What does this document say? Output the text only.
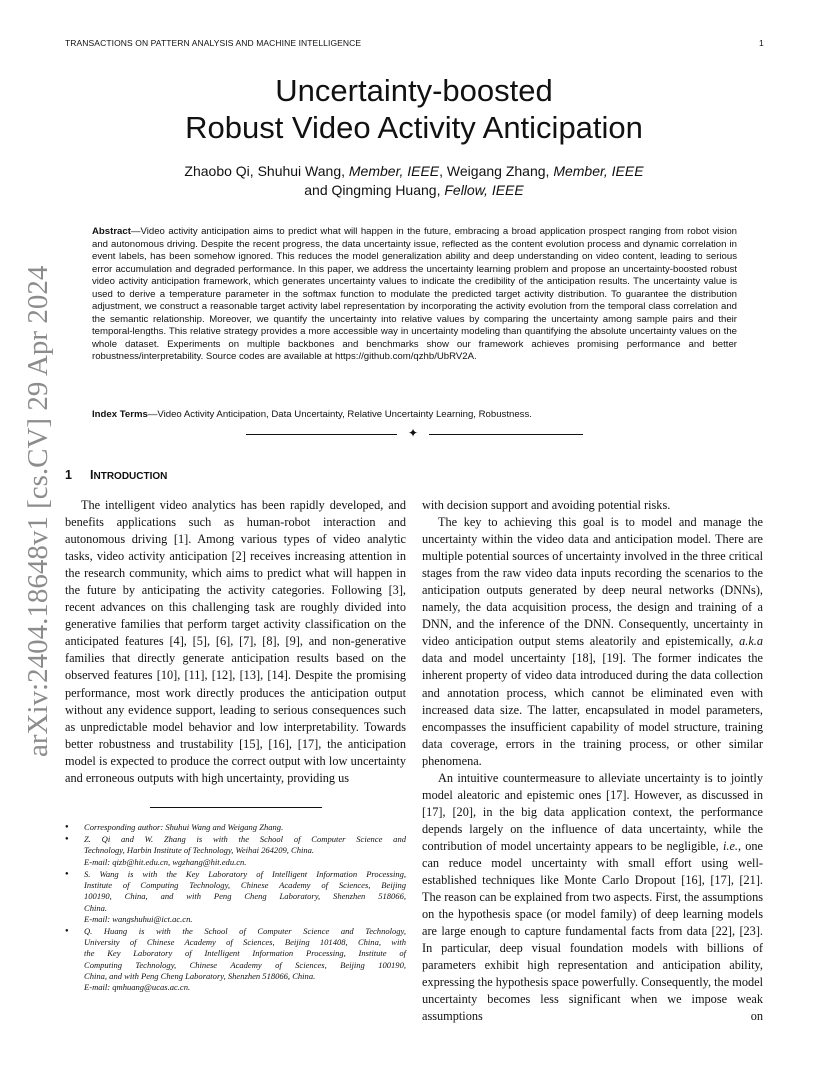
TRANSACTIONS ON PATTERN ANALYSIS AND MACHINE INTELLIGENCE	1
arXiv:2404.18648v1 [cs.CV] 29 Apr 2024
Uncertainty-boosted
Robust Video Activity Anticipation
Zhaobo Qi, Shuhui Wang, Member, IEEE, Weigang Zhang, Member, IEEE
and Qingming Huang, Fellow, IEEE
Abstract—Video activity anticipation aims to predict what will happen in the future, embracing a broad application prospect ranging from robot vision and autonomous driving. Despite the recent progress, the data uncertainty issue, reflected as the content evolution process and dynamic correlation in event labels, has been somehow ignored. This reduces the model generalization ability and deep understanding on video content, leading to serious error accumulation and degraded performance. In this paper, we address the uncertainty learning problem and propose an uncertainty-boosted robust video activity anticipation framework, which generates uncertainty values to indicate the credibility of the anticipation results. The uncertainty value is used to derive a temperature parameter in the softmax function to modulate the predicted target activity distribution. To guarantee the distribution adjustment, we construct a reasonable target activity label representation by incorporating the activity evolution from the temporal class correlation and the semantic relationship. Moreover, we quantify the uncertainty into relative values by comparing the uncertainty among sample pairs and their temporal-lengths. This relative strategy provides a more accessible way in uncertainty modeling than quantifying the absolute uncertainty values on the whole dataset. Experiments on multiple backbones and benchmarks show our framework achieves promising performance and better robustness/interpretability. Source codes are available at https://github.com/qzhb/UbRV2A.
Index Terms—Video Activity Anticipation, Data Uncertainty, Relative Uncertainty Learning, Robustness.
✦
1 INTRODUCTION

The intelligent video analytics has been rapidly developed, and benefits applications such as human-robot interaction and autonomous driving [1]. Among various types of video analytic tasks, video activity anticipation [2] receives increasing attention in the research community, which aims to predict what will happen in the future by anticipating the activity categories. Following [3], recent advances on this challenging task are roughly divided into generative families that perform target activity classification on the anticipated features [4], [5], [6], [7], [8], [9], and non-generative families that directly generate anticipation results based on the observed features [10], [11], [12], [13], [14]. Despite the promising performance, most work directly produces the anticipation output without any evidence support, leading to serious consequences such as unpredictable model behavior and low interpretability. Towards better robustness and trustability [15], [16], [17], the anticipation model is expected to produce the correct output with low uncertainty and erroneous outputs with high uncertainty, providing us

with decision support and avoiding potential risks.

The key to achieving this goal is to model and manage the uncertainty within the video data and anticipation model. There are multiple potential sources of uncertainty involved in the three critical stages from the raw video data inputs recording the scenarios to the anticipation outputs generated by deep neural networks (DNNs), namely, the data acquisition process, the design and training of a DNN, and the inference of the DNN. Consequently, uncertainty in video anticipation output stems aleatorily and epistemically, a.k.a data and model uncertainty [18], [19]. The former indicates the inherent property of video data introduced during the data collection and annotation process, which cannot be eliminated even with increased data size. The latter, encapsulated in model parameters, encompasses the insufficient capability of model structure, training data coverage, errors in the training process, or other similar phenomena.

An intuitive countermeasure to alleviate uncertainty is to jointly model aleatoric and epistemic ones [17]. However, as discussed in [17], [20], in the big data application context, the performance depends largely on the influence of data uncertainty, while the contribution of model uncertainty appears to be negligible, i.e., one can reduce model uncertainty with small effort using well-established techniques like Monte Carlo Dropout [16], [17], [21]. The reason can be explained from two aspects. First, the assumptions on the hypothesis space (or model family) of deep learning models are large enough to capture fundamental facts from data [22], [23]. In particular, deep visual foundation models with billions of parameters exhibit high representation and anticipation ability, expressing the hypothesis space powerfully. Consequently, the model uncertainty becomes less significant when we impose weak assumptions on

● Corresponding author: Shuhui Wang and Weigang Zhang.
● Z. Qi and W. Zhang is with the School of Computer Science and
Technology, Harbin Institute of Technology, Weihai 264209, China.
E-mail: qizb@hit.edu.cn, wgzhang@hit.edu.cn.
● S. Wang is with the Key Laboratory of Intelligent Information Processing,
Institute of Computing Technology, Chinese Academy of Sciences, Beijing
100190, China, and with Peng Cheng Laboratory, Shenzhen 518066,
China.
E-mail: wangshuhui@ict.ac.cn.
● Q. Huang is with the School of Computer Science and Technology,
University of Chinese Academy of Sciences, Beijing 101408, China, with
the Key Laboratory of Intelligent Information Processing, Institute of
Computing Technology, Chinese Academy of Sciences, Beijing 100190,
China, and with Peng Cheng Laboratory, Shenzhen 518066, China.
E-mail: qmhuang@ucas.ac.cn.
